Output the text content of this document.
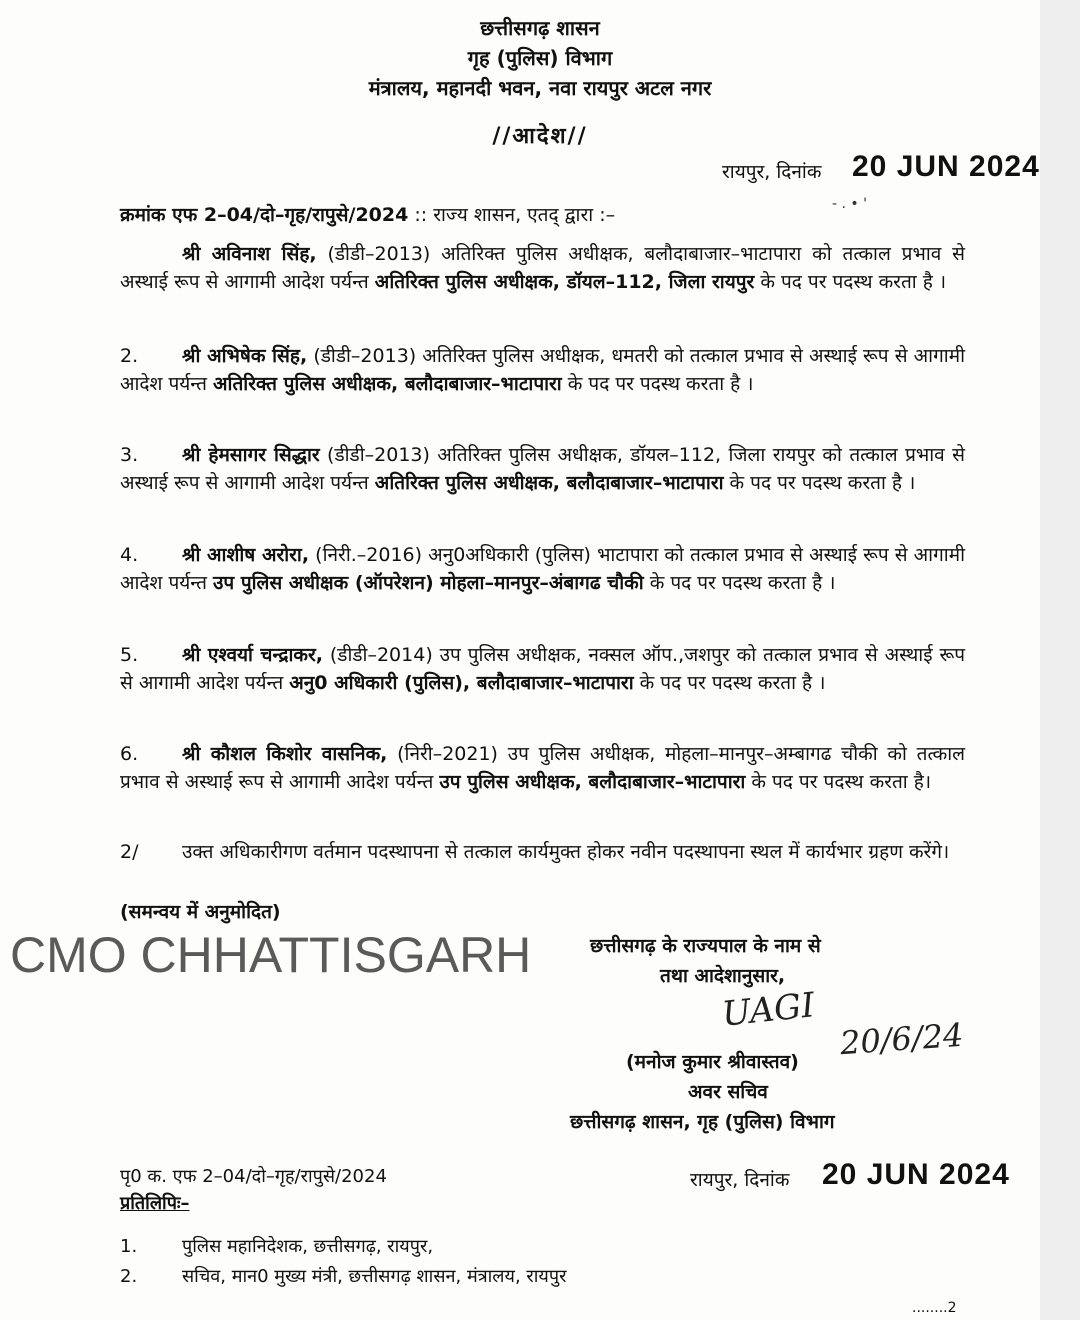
छत्तीसगढ़ शासन
गृह (पुलिस) विभाग
मंत्रालय, महानदी भवन, नवा रायपुर अटल नगर
//आदेश//
रायपुर, दिनांक 20 JUN 2024
क्रमांक एफ 2–04/दो–गृह/रापुसे/2024 :: राज्य शासन, एतद् द्वारा :–	- . • '
श्री अविनाश सिंह, (डीडी–2013) अतिरिक्त पुलिस अधीक्षक, बलौदाबाजार–भाटापारा को तत्काल प्रभाव से अस्थाई रूप से आगामी आदेश पर्यन्त अतिरिक्त पुलिस अधीक्षक, डॉयल–112, जिला रायपुर के पद पर पदस्थ करता है ।
2. श्री अभिषेक सिंह, (डीडी–2013) अतिरिक्त पुलिस अधीक्षक, धमतरी को तत्काल प्रभाव से अस्थाई रूप से आगामी आदेश पर्यन्त अतिरिक्त पुलिस अधीक्षक, बलौदाबाजार–भाटापारा के पद पर पदस्थ करता है ।
3. श्री हेमसागर सिद्धार (डीडी–2013) अतिरिक्त पुलिस अधीक्षक, डॉयल–112, जिला रायपुर को तत्काल प्रभाव से अस्थाई रूप से आगामी आदेश पर्यन्त अतिरिक्त पुलिस अधीक्षक, बलौदाबाजार–भाटापारा के पद पर पदस्थ करता है ।
4. श्री आशीष अरोरा, (निरी.–2016) अनु0अधिकारी (पुलिस) भाटापारा को तत्काल प्रभाव से अस्थाई रूप से आगामी आदेश पर्यन्त उप पुलिस अधीक्षक (ऑपरेशन) मोहला–मानपुर–अंबागढ चौकी के पद पर पदस्थ करता है ।
5. श्री एश्वर्या चन्द्राकर, (डीडी–2014) उप पुलिस अधीक्षक, नक्सल ऑप.,जशपुर को तत्काल प्रभाव से अस्थाई रूप से आगामी आदेश पर्यन्त अनु0 अधिकारी (पुलिस), बलौदाबाजार–भाटापारा के पद पर पदस्थ करता है ।
6. श्री कौशल किशोर वासनिक, (निरी–2021) उप पुलिस अधीक्षक, मोहला–मानपुर–अम्बागढ चौकी को तत्काल प्रभाव से अस्थाई रूप से आगामी आदेश पर्यन्त उप पुलिस अधीक्षक, बलौदाबाजार–भाटापारा के पद पर पदस्थ करता है।
2/ उक्त अधिकारीगण वर्तमान पदस्थापना से तत्काल कार्यमुक्त होकर नवीन पदस्थापना स्थल में कार्यभार ग्रहण करेंगे।
(समन्वय में अनुमोदित)
CMO CHHATTISGARH	छत्तीसगढ़ के राज्यपाल के नाम से
तथा आदेशानुसार,
UAGI
20/6/24
(मनोज कुमार श्रीवास्तव)
अवर सचिव
छत्तीसगढ़ शासन, गृह (पुलिस) विभाग
पृ0 क. एफ 2–04/दो–गृह/रापुसे/2024	रायपुर, दिनांक 20 JUN 2024
प्रतिलिपिः–
1. पुलिस महानिदेशक, छत्तीसगढ़, रायपुर,
2. सचिव, मान0 मुख्य मंत्री, छत्तीसगढ़ शासन, मंत्रालय, रायपुर
........2
